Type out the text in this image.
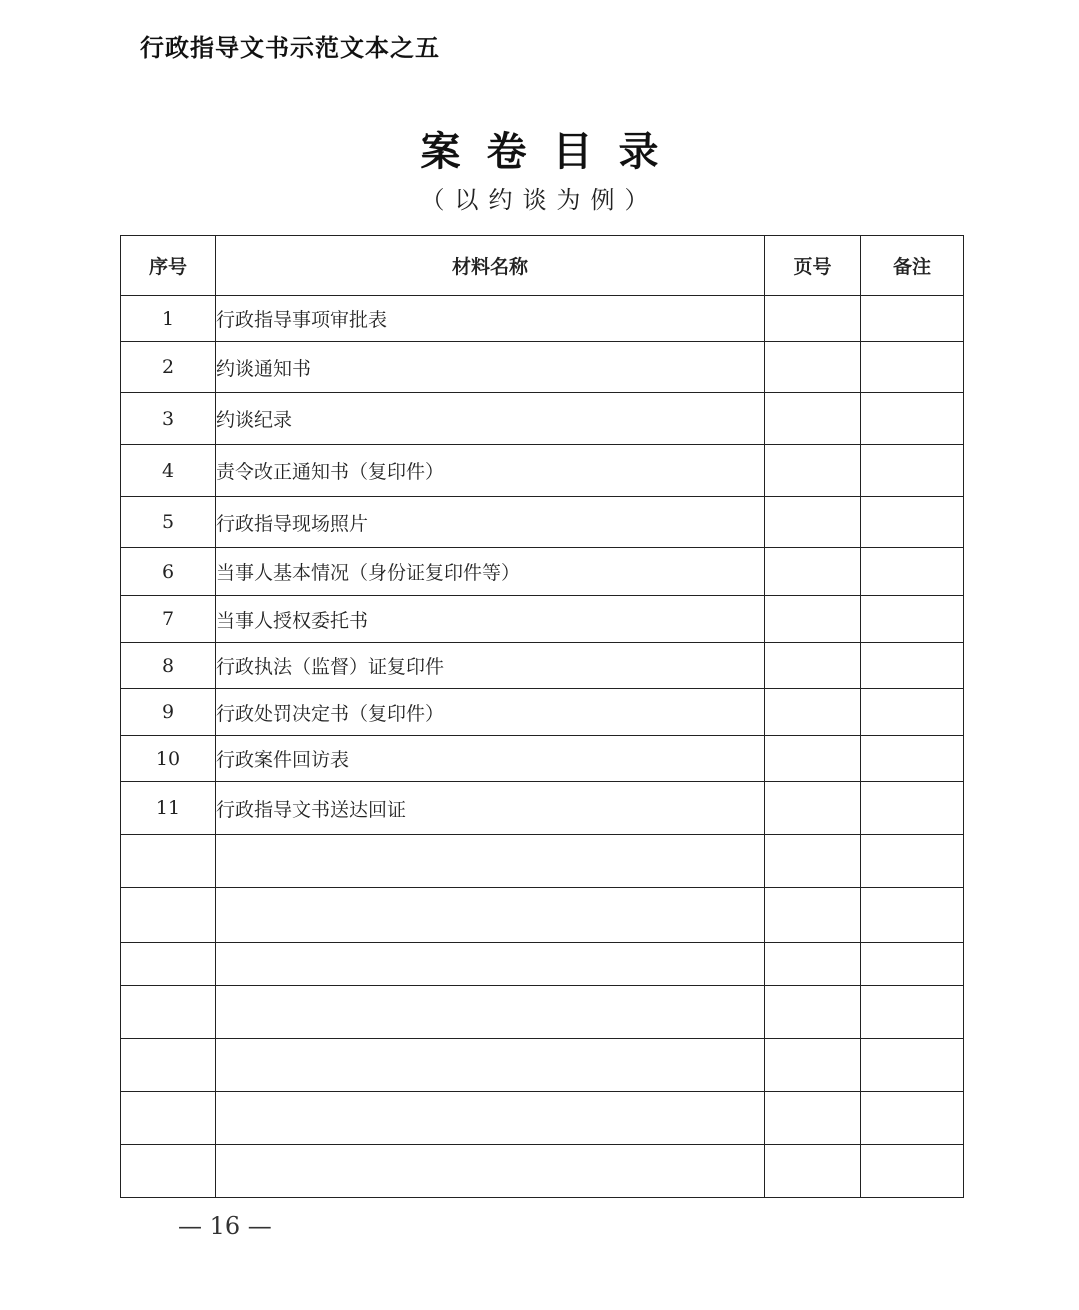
行政指导文书示范文本之五
案卷目录
（以约谈为例）
序号	材料名称	页号	备注
1	行政指导事项审批表		
2	约谈通知书		
3	约谈纪录		
4	责令改正通知书（复印件）		
5	行政指导现场照片		
6	当事人基本情况（身份证复印件等）		
7	当事人授权委托书		
8	行政执法（监督）证复印件		
9	行政处罚决定书（复印件）		
10	行政案件回访表		
11	行政指导文书送达回证		

— 16 —
